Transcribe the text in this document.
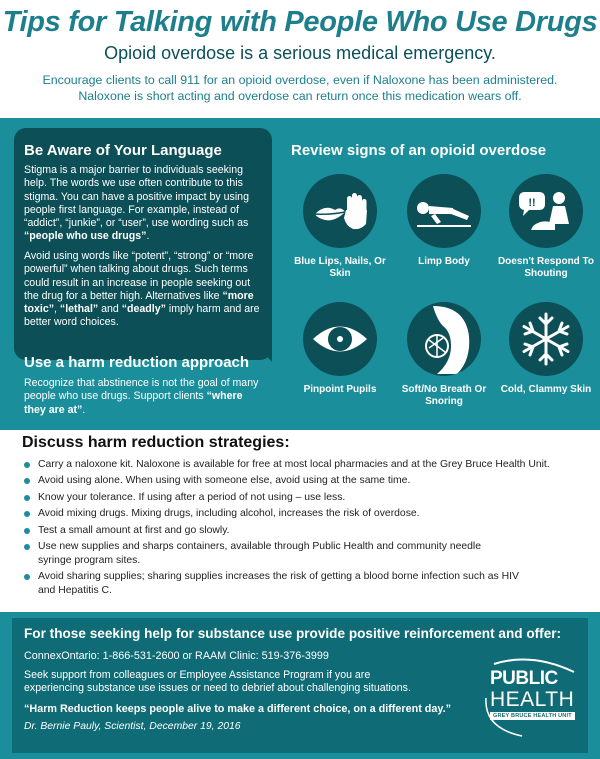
Tips for Talking with People Who Use Drugs
Opioid overdose is a serious medical emergency.
Encourage clients to call 911 for an opioid overdose, even if Naloxone has been administered. Naloxone is short acting and overdose can return once this medication wears off.
Be Aware of Your Language
Stigma is a major barrier to individuals seeking help. The words we use often contribute to this stigma. You can have a positive impact by using people first language. For example, instead of “addict”, “junkie”, or “user”, use wording such as “people who use drugs”.
Avoid using words like “potent”, “strong” or “more powerful” when talking about drugs. Such terms could result in an increase in people seeking out the drug for a better high. Alternatives like “more toxic”, “lethal” and “deadly” imply harm and are better word choices.
Use a harm reduction approach
Recognize that abstinence is not the goal of many people who use drugs. Support clients “where they are at”.
Review signs of an opioid overdose
Blue Lips, Nails, Or Skin
Limp Body
!!
Doesn't Respond To Shouting
Pinpoint Pupils	Soft/No Breath Or Snoring
Cold, Clammy Skin
Discuss harm reduction strategies:
Carry a naloxone kit. Naloxone is available for free at most local pharmacies and at the Grey Bruce Health Unit.
Avoid using alone. When using with someone else, avoid using at the same time.
Know your tolerance. If using after a period of not using – use less.
Avoid mixing drugs. Mixing drugs, including alcohol, increases the risk of overdose.
Test a small amount at first and go slowly.
Use new supplies and sharps containers, available through Public Health and community needle syringe program sites.
Avoid sharing supplies; sharing supplies increases the risk of getting a blood borne infection such as HIV and Hepatitis C.
For those seeking help for substance use provide positive reinforcement and offer:
ConnexOntario: 1-866-531-2600 or RAAM Clinic: 519-376-3999
Seek support from colleagues or Employee Assistance Program if you are experiencing substance use issues or need to debrief about challenging situations.
“Harm Reduction keeps people alive to make a different choice, on a different day.”
Dr. Bernie Pauly, Scientist, December 19, 2016
PUBLIC
HEALTH
GREY BRUCE HEALTH UNIT
